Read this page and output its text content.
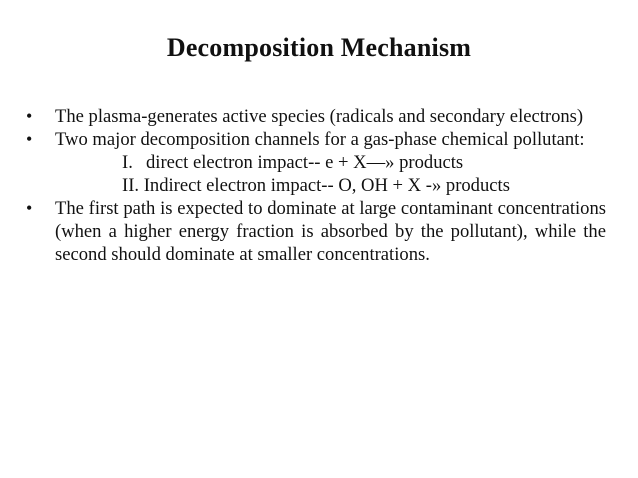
Decomposition Mechanism

• The plasma-generates active species (radicals and secondary electrons)

• Two major decomposition channels for a gas-phase chemical pollutant:

I. direct electron impact-- e + X—» products

II. Indirect electron impact-- O, OH + X -» products

• The first path is expected to dominate at large contaminant concentrations (when a higher energy fraction is absorbed by the pollutant), while the second should dominate at smaller concentrations.
